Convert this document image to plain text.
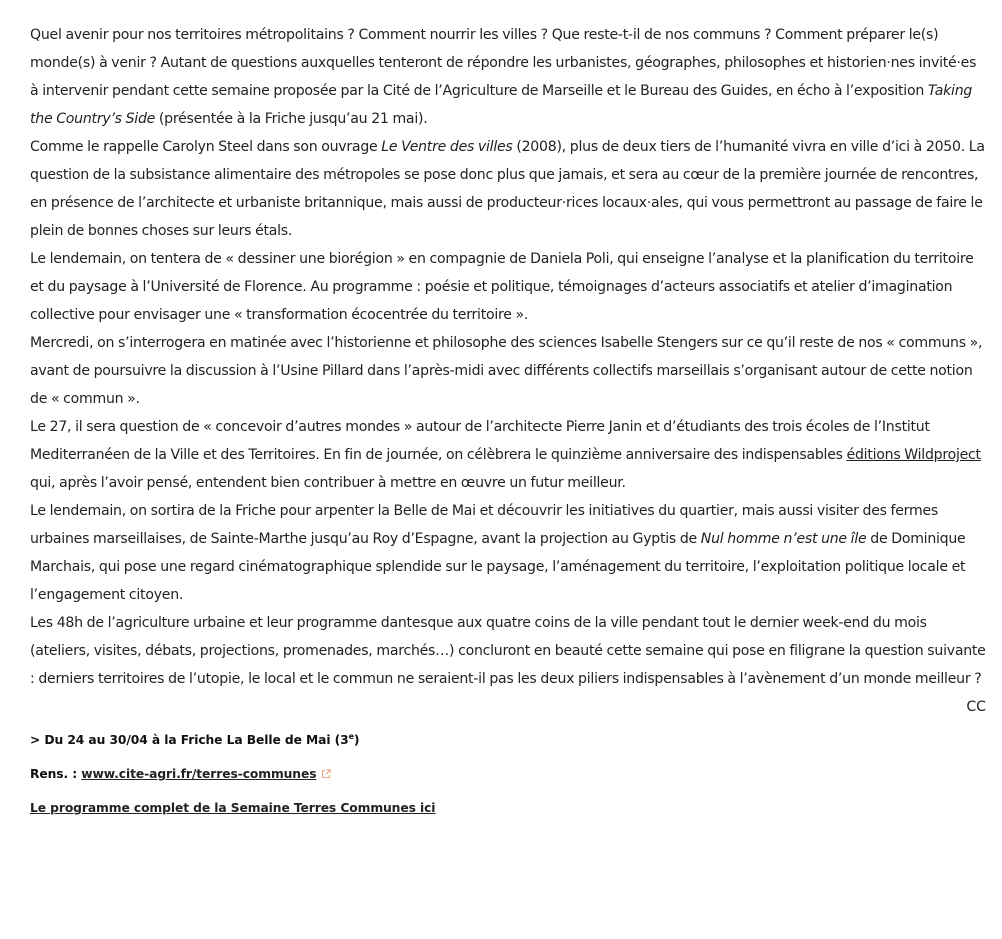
Quel avenir pour nos territoires métropolitains ? Comment nourrir les villes ? Que reste-t-il de nos communs ? Comment préparer le(s) monde(s) à venir ? Autant de questions auxquelles tenteront de répondre les urbanistes, géographes, philosophes et historien·nes invité·es à intervenir pendant cette semaine proposée par la Cité de l’Agriculture de Marseille et le Bureau des Guides, en écho à l’exposition Taking the Country’s Side (présentée à la Friche jusqu’au 21 mai).

Comme le rappelle Carolyn Steel dans son ouvrage Le Ventre des villes (2008), plus de deux tiers de l’humanité vivra en ville d’ici à 2050. La question de la subsistance alimentaire des métropoles se pose donc plus que jamais, et sera au cœur de la première journée de rencontres, en présence de l’architecte et urbaniste britannique, mais aussi de producteur·rices locaux·ales, qui vous permettront au passage de faire le plein de bonnes choses sur leurs étals.

Le lendemain, on tentera de « dessiner une biorégion » en compagnie de Daniela Poli, qui enseigne l’analyse et la planification du territoire et du paysage à l’Université de Florence. Au programme : poésie et politique, témoignages d’acteurs associatifs et atelier d’imagination collective pour envisager une « transformation écocentrée du territoire ».

Mercredi, on s’interrogera en matinée avec l’historienne et philosophe des sciences Isabelle Stengers sur ce qu’il reste de nos « communs », avant de poursuivre la discussion à l’Usine Pillard dans l’après-midi avec différents collectifs marseillais s’organisant autour de cette notion de « commun ».

Le 27, il sera question de « concevoir d’autres mondes » autour de l’architecte Pierre Janin et d’étudiants des trois écoles de l’Institut Mediterranéen de la Ville et des Territoires. En fin de journée, on célèbrera le quinzième anniversaire des indispensables éditions Wildproject qui, après l’avoir pensé, entendent bien contribuer à mettre en œuvre un futur meilleur.

Le lendemain, on sortira de la Friche pour arpenter la Belle de Mai et découvrir les initiatives du quartier, mais aussi visiter des fermes urbaines marseillaises, de Sainte-Marthe jusqu’au Roy d’Espagne, avant la projection au Gyptis de Nul homme n’est une île de Dominique Marchais, qui pose une regard cinématographique splendide sur le paysage, l’aménagement du territoire, l’exploitation politique locale et l’engagement citoyen.

Les 48h de l’agriculture urbaine et leur programme dantesque aux quatre coins de la ville pendant tout le dernier week-end du mois (ateliers, visites, débats, projections, promenades, marchés…) concluront en beauté cette semaine qui pose en filigrane la question suivante : derniers territoires de l’utopie, le local et le commun ne seraient-il pas les deux piliers indispensables à l’avènement d’un monde meilleur ?

CC

> Du 24 au 30/04 à la Friche La Belle de Mai (3e)

Rens. : www.cite-agri.fr/terres-communes

Le programme complet de la Semaine Terres Communes ici
